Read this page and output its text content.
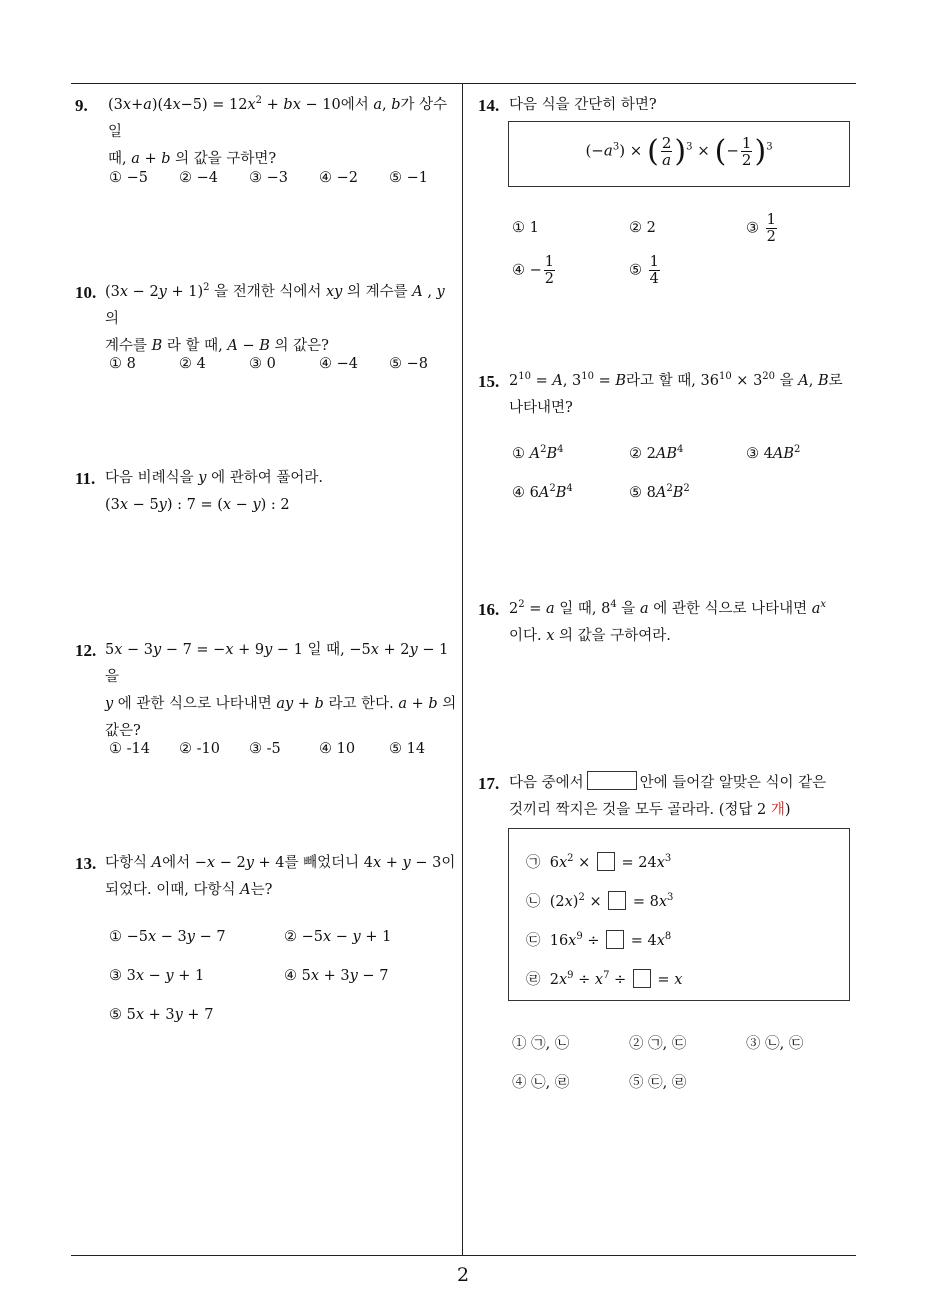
9. $(3x+a)(4x-5) = 12x^2$ + bx − 10에서 a, b가 상수일
때, a + b 의 값을 구하면?
① −5 ② −4 ③ −3 ④ −2 ⑤ −1
10. $(3x - 2y + 1)^2$ 을 전개한 식에서 xy 의 계수를 A , y 의
계수를 B 라 할 때, A − B 의 값은?
① 8	② 4	③ 0	④ −4 ⑤ −8
11. 다음 비례식을 y 에 관하여 풀어라.
(3x − 5y) : 7 = (x − y) : 2
12. 5x − 3y − 7 = −x + 9y − 1 일 때, −5x + 2y − 1 을
y 에 관한 식으로 나타내면 ay + b 라고 한다. a + b 의
값은?
① -14 ② -10 ③ -5	④ 10 ⑤ 14
13. 다항식 A에서 −x − 2y + 4를 빼었더니 4x + y − 3이
되었다. 이때, 다항식 A는?
① −5x − 3y − 7	② −5x − y + 1
③ 3x − y + 1	④ 5x + 3y − 7
⑤ 5x + 3y + 7
14. 다음 식을 간단히 하면?
$(-a^3)$ × ( $\frac{2}{a} )^3$ × (− $\frac{1}{2} )^3$
① 1	② 2	③ $\frac{1}{2}$
④ − $\frac{1}{2}$	⑤ $\frac{1}{4}$
15. $2^{10} = A$, $3^{10} = B$라고 할 때, $36^{10} \times 3^{20}$ 을 A, B로
나타내면?
① $A^2B^4$	② $2AB^4$	③ $4AB^2$
④ $6A^2B^4$	⑤ $8A^2B^2$
16. $2^2 = a$ 일 때, $8^4$ 을 a 에 관한 식으로 나타내면 $a^x$
이다. x 의 값을 구하여라.
17. 다음 중에서	안에 들어갈 알맞은 식이 같은
것끼리 짝지은 것을 모두 골라라. (정답 2 개)
㉠  $6x^2$ ×  = $24x^3$
㉡  $(2x)^2$ ×  = $8x^3$
㉢  $16x^9$ ÷  = $4x^8$
㉣  $2x^9 \div x^7$ ÷  = x
① ㉠, ㉡	② ㉠, ㉢	③ ㉡, ㉢
④ ㉡, ㉣	⑤ ㉢, ㉣
2
